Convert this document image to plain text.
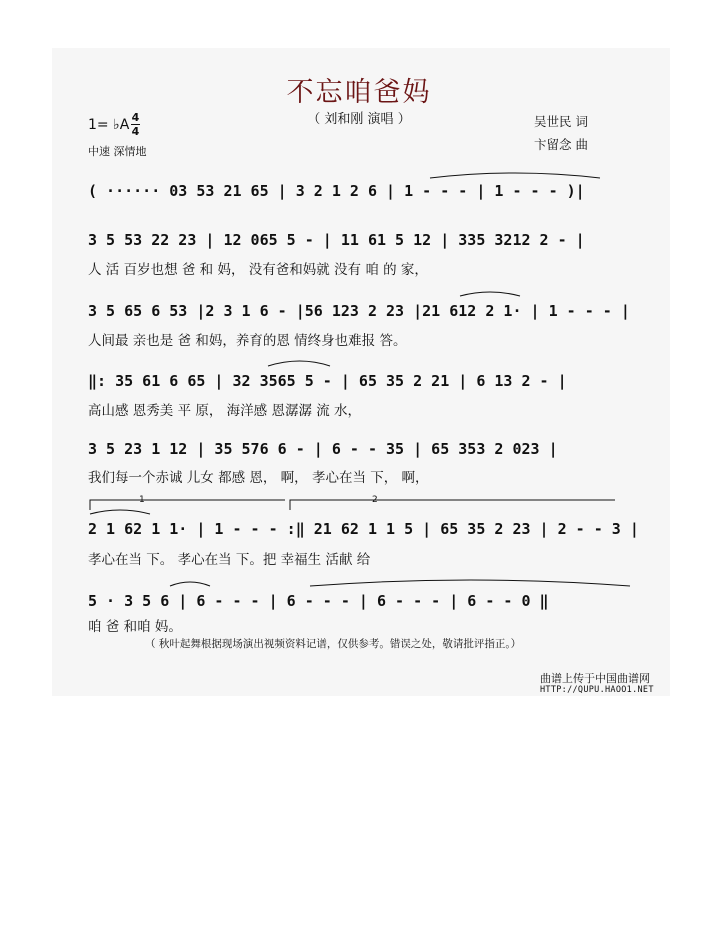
不忘咱爸妈
（ 刘和刚 演唱 ）
1= ♭A 4
4
中速 深情地
吴世民 词
卞留念 曲
( ······ 03 53 21 65 | 3 2 1 2 6 | 1 - - - | 1 - - - )|
3 5 53 22 23 | 12 065 5 - | 11 61 5 12 | 335 3212 2 - |
人 活 百岁也想 爸 和 妈， 没有爸和妈就 没有 咱 的 家，
3 5 65 6 53 |2 3 1 6 - |56 123 2 23 |21 612 2 1· | 1 - - - |
人间最 亲也是 爸 和妈，养育的恩 情终身也难报 答。
‖: 35 61 6 65 | 32 3565 5 - | 65 35 2 21 | 6 13 2 - |
高山感 恩秀美 平 原， 海洋感 恩潺潺 流 水，
3 5 23 1 12 | 35 576 6 - | 6 - - 35 | 65 353 2 023 |
我们每一个赤诚 儿女 都感 恩， 啊， 孝心在当 下， 啊，
1	2
2 1 62 1 1· | 1 - - - :‖ 21 62 1 1 5 | 65 35 2 23 | 2 - - 3 |
孝心在当 下。 孝心在当 下。把 幸福生 活献 给
5 · 3 5 6 | 6 - - - | 6 - - - | 6 - - - | 6 - - 0 ‖
咱 爸 和咱 妈。
（ 秋叶起舞根据现场演出视频资料记谱，仅供参考。错误之处，敬请批评指正。）
曲谱上传于中国曲谱网
HTTP://QUPU.HAOO1.NET
